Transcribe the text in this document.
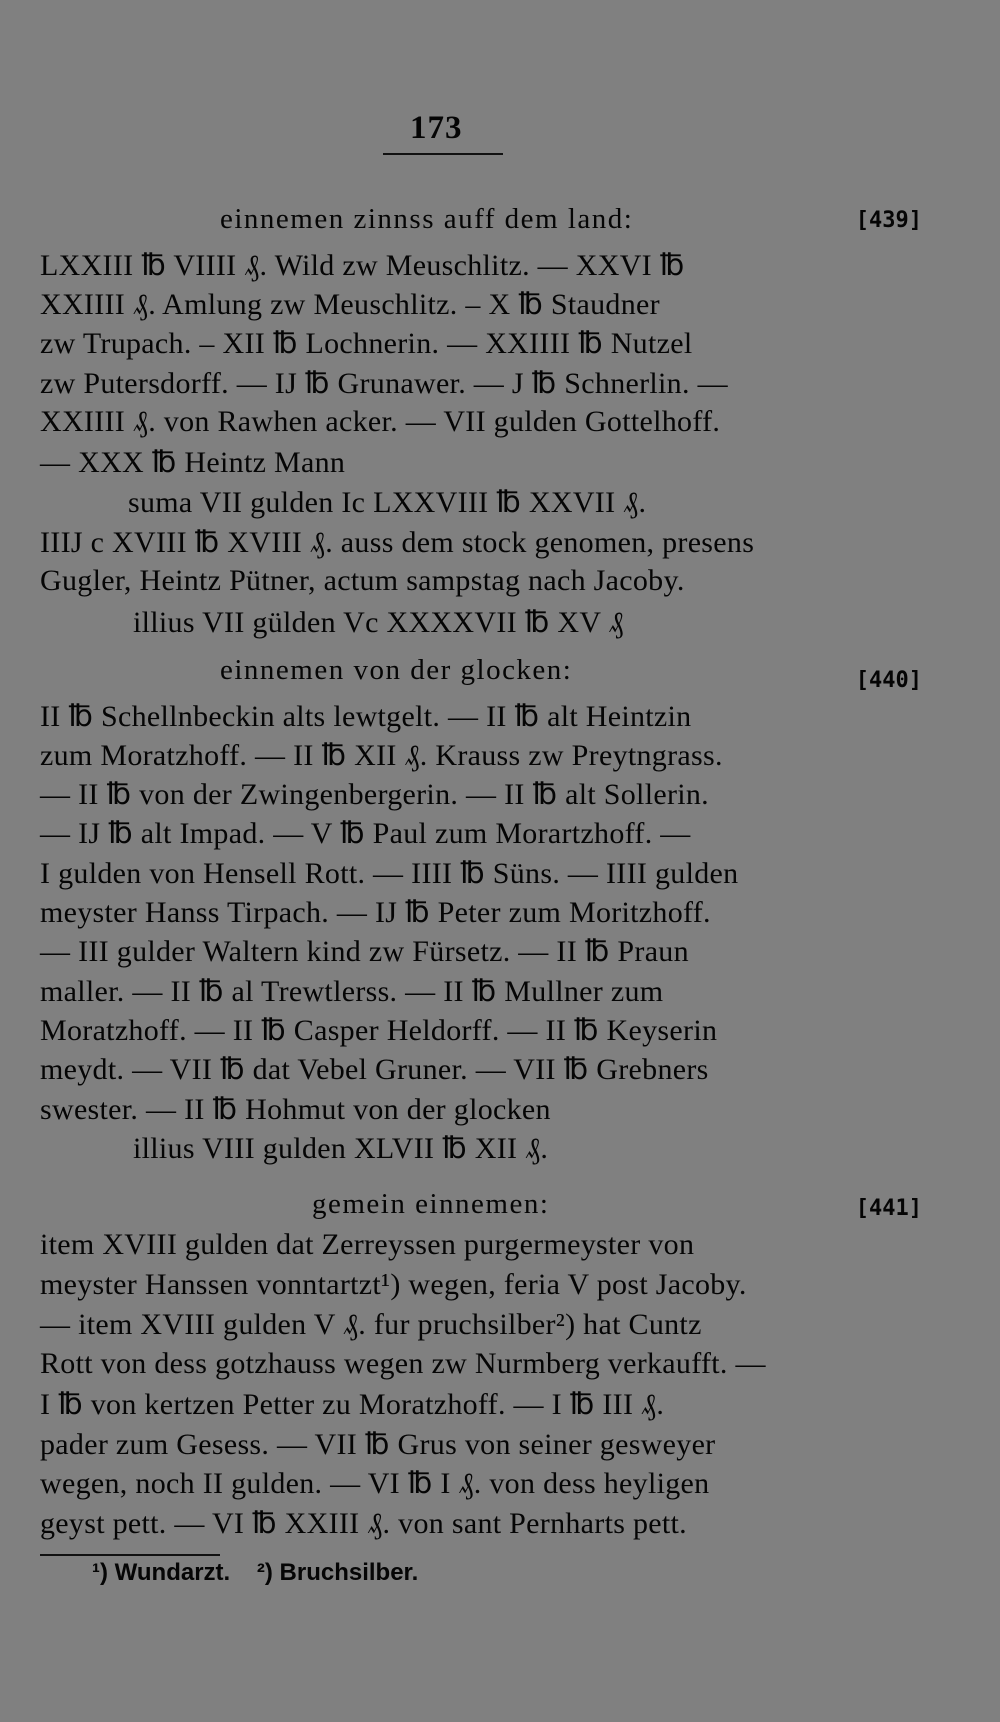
173
einnemen zinnss auff dem land:	[439]
LXXIII ℔ VIIII ₰. Wild zw Meuschlitz. — XXVI ℔
XXIIII ₰. Amlung zw Meuschlitz. – X ℔ Staudner
zw Trupach. – XII ℔ Lochnerin. — XXIIII ℔ Nutzel
zw Putersdorff. — IJ ℔ Grunawer. — J ℔ Schnerlin. —
XXIIII ₰. von Rawhen acker. — VII gulden Gottelhoff.
— XXX ℔ Heintz Mann
suma VII gulden Ic LXXVIII ℔ XXVII ₰.
IIIJ c XVIII ℔ XVIII ₰. auss dem stock genomen, presens
Gugler, Heintz Pütner, actum sampstag nach Jacoby.
illius VII gülden Vc XXXXVII ℔ XV ₰
einnemen von der glocken:	[440]
II ℔ Schellnbeckin alts lewtgelt. — II ℔ alt Heintzin
zum Moratzhoff. — II ℔ XII ₰. Krauss zw Preytngrass.
— II ℔ von der Zwingenbergerin. — II ℔ alt Sollerin.
— IJ ℔ alt Impad. — V ℔ Paul zum Morartzhoff. —
I gulden von Hensell Rott. — IIII ℔ Süns. — IIII gulden
meyster Hanss Tirpach. — IJ ℔ Peter zum Moritzhoff.
— III gulder Waltern kind zw Fürsetz. — II ℔ Praun
maller. — II ℔ al Trewtlerss. — II ℔ Mullner zum
Moratzhoff. — II ℔ Casper Heldorff. — II ℔ Keyserin
meydt. — VII ℔ dat Vebel Gruner. — VII ℔ Grebners
swester. — II ℔ Hohmut von der glocken
illius VIII gulden XLVII ℔ XII ₰.
gemein einnemen:	[441]
item XVIII gulden dat Zerreyssen purgermeyster von
meyster Hanssen vonntartzt¹) wegen, feria V post Jacoby.
— item XVIII gulden V ₰. fur pruchsilber²) hat Cuntz
Rott von dess gotzhauss wegen zw Nurmberg verkaufft. —
I ℔ von kertzen Petter zu Moratzhoff. — I ℔ III ₰.
pader zum Gesess. — VII ℔ Grus von seiner gesweyer
wegen, noch II gulden. — VI ℔ I ₰. von dess heyligen
geyst pett. — VI ℔ XXIII ₰. von sant Pernharts pett.
¹) Wundarzt. ²) Bruchsilber.
